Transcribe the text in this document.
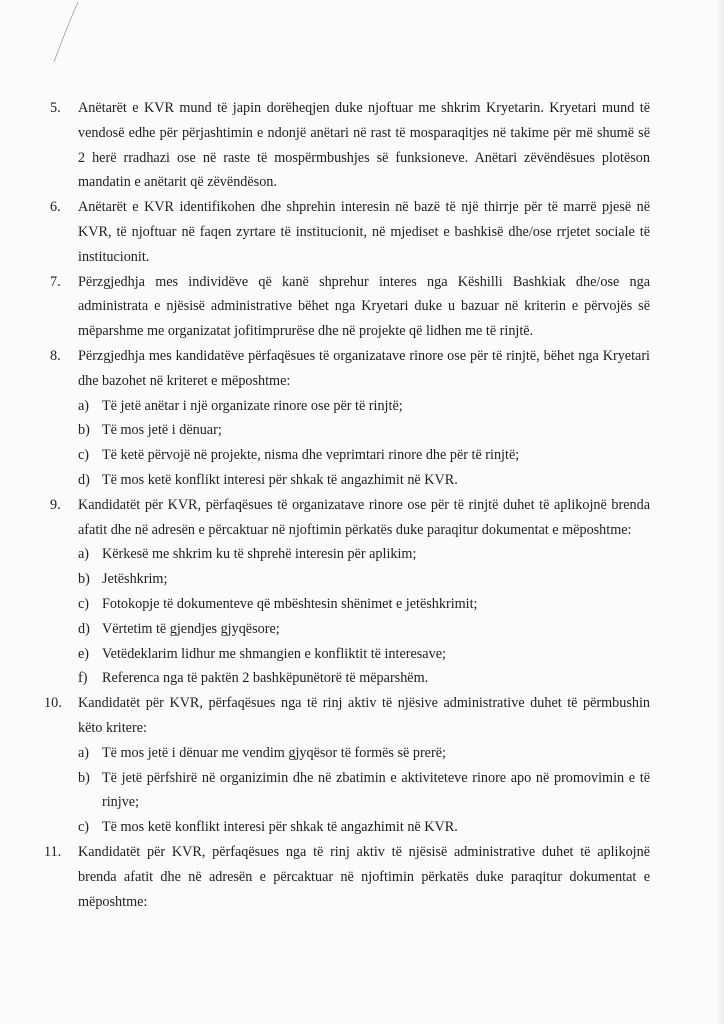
5.	Anëtarët e KVR mund të japin dorëheqjen duke njoftuar me shkrim Kryetarin. Kryetari mund të vendosë edhe për përjashtimin e ndonjë anëtari në rast të mosparaqitjes në takime për më shumë së 2 herë rradhazi ose në raste të mospërmbushjes së funksioneve. Anëtari zëvëndësues plotëson mandatin e anëtarit që zëvëndëson.

6.	Anëtarët e KVR identifikohen dhe shprehin interesin në bazë të një thirrje për të marrë pjesë në KVR, të njoftuar në faqen zyrtare të institucionit, në mjediset e bashkisë dhe/ose rrjetet sociale të institucionit.

7.	Përzgjedhja mes individëve që kanë shprehur interes nga Këshilli Bashkiak dhe/ose nga administrata e njësisë administrative bëhet nga Kryetari duke u bazuar në kriterin e përvojës së mëparshme me organizatat jofitimprurëse dhe në projekte që lidhen me të rinjtë.

8.	Përzgjedhja mes kandidatëve përfaqësues të organizatave rinore ose për të rinjtë, bëhet nga Kryetari dhe bazohet në kriteret e mëposhtme:

a) Të jetë anëtar i një organizate rinore ose për të rinjtë;
b) Të mos jetë i dënuar;
c) Të ketë përvojë në projekte, nisma dhe veprimtari rinore dhe për të rinjtë;
d) Të mos ketë konflikt interesi për shkak të angazhimit në KVR.
9.	Kandidatët për KVR, përfaqësues të organizatave rinore ose për të rinjtë duhet të aplikojnë brenda afatit dhe në adresën e përcaktuar në njoftimin përkatës duke paraqitur dokumentat e mëposhtme:

a) Kërkesë me shkrim ku të shprehë interesin për aplikim;
b) Jetëshkrim;
c) Fotokopje të dokumenteve që mbështesin shënimet e jetëshkrimit;
d) Vërtetim të gjendjes gjyqësore;
e) Vetëdeklarim lidhur me shmangien e konfliktit të interesave;
f)	Referenca nga të paktën 2 bashkëpunëtorë të mëparshëm.
10.	Kandidatët për KVR, përfaqësues nga të rinj aktiv të njësive administrative duhet të përmbushin këto kritere:

a) Të mos jetë i dënuar me vendim gjyqësor të formës së prerë;
b) Të jetë përfshirë në organizimin dhe në zbatimin e aktiviteteve rinore apo në promovimin e të rinjve;
c) Të mos ketë konflikt interesi për shkak të angazhimit në KVR.
11.	Kandidatët për KVR, përfaqësues nga të rinj aktiv të njësisë administrative duhet të aplikojnë brenda afatit dhe në adresën e përcaktuar në njoftimin përkatës duke paraqitur dokumentat e mëposhtme:
